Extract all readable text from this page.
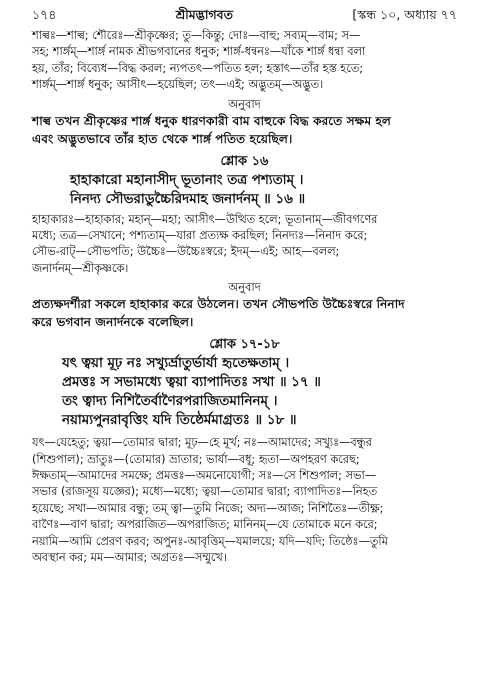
১৭৪	শ্রীমদ্ভাগবত	[স্কন্ধ ১০, অধ্যায় ৭৭
শাল্বঃ—শাল্ব; শৌরেঃ—শ্রীকৃষ্ণের; তু—কিন্তু; দোঃ—বাহু; সব্যম্—বাম; স—
সহ; শার্ঙ্গম্—শার্ঙ্গ নামক শ্রীভগবানের ধনুক; শার্ঙ্গ-ধন্বনঃ—যাঁকে শার্ঙ্গ ধন্বা বলা
হয়, তাঁর; বিব্যেধ—বিদ্ধ করল; ন্যপতৎ—পতিত হল; হস্তাৎ—তাঁর হস্ত হতে;
শার্ঙ্গম্—শার্ঙ্গ ধনুক; আসীৎ—হয়েছিল; তৎ—এই; অদ্ভুতম্—অদ্ভুত।
অনুবাদ
শাল্ব তখন শ্রীকৃষ্ণের শার্ঙ্গ ধনুক ধারণকারী বাম বাহুকে বিদ্ধ করতে সক্ষম হল
এবং অদ্ভুতভাবে তাঁর হাত থেকে শার্ঙ্গ পতিত হয়েছিল।
শ্লোক ১৬
হাহাকারো মহানাসীদ্ ভূতানাং তত্র পশ্যতাম্ ।
নিনদ্য সৌভরাডুচ্চৈরিদমাহ জনার্দনম্ ॥ ১৬ ॥
হাহাকারঃ—হাহাকার; মহান্—মহা; আসীৎ—উত্থিত হলে; ভূতানাম্—জীবগণের
মধ্যে; তত্র—সেখানে; পশ্যতাম্—যারা প্রত্যক্ষ করছিল; নিনদ্যঃ—নিনাদ করে;
সৌভ-রাট্—সৌভপতি; উচ্চৈঃ—উচ্চৈঃস্বরে; ইদম্—এই; আহ—বলল;
জনার্দনম্—শ্রীকৃষ্ণকে।
অনুবাদ
প্রত্যক্ষদর্শীরা সকলে হাহাকার করে উঠলেন। তখন সৌভপতি উচ্চৈঃস্বরে নিনাদ
করে ভগবান জনার্দনকে বলেছিল।
শ্লোক ১৭-১৮
যৎ ত্বয়া মূঢ় নঃ সখ্যুর্ভ্রাতুর্ভার্যা হৃতেক্ষতাম্ ।
প্রমত্তঃ স সভামধ্যে ত্বয়া ব্যাপাদিতঃ সখা ॥ ১৭ ॥
তং ত্বাদ্য নিশিতৈর্বাণৈরপরাজিতমানিনম্ ।
নয়াম্যপুনরাবৃত্তিং যদি তিষ্ঠের্মমাগ্রতঃ ॥ ১৮ ॥
যৎ—যেহেতু; ত্বয়া—তোমার দ্বারা; মূঢ়—হে মূর্খ; নঃ—আমাদের; সখ্যুঃ—বন্ধুর
(শিশুপাল); ভ্রাতুঃ—(তোমার) ভ্রাতার; ভার্যা—বধূ; হৃতা—অপহরণ করেছ;
ঈক্ষতাম্—আমাদের সমক্ষে; প্রমত্তঃ—অমনোযোগী; সঃ—সে শিশুপাল; সভা—
সভার (রাজসূয় যজ্ঞের); মধ্যে—মধ্যে; ত্বয়া—তোমার দ্বারা; ব্যাপাদিতঃ—নিহত
হয়েছে; সখা—আমার বন্ধু; তম্ ত্বা—তুমি নিজে; অদ্য—আজ; নিশিতৈঃ—তীক্ষ্ণ;
বাণৈঃ—বাণ দ্বারা; অপরাজিত—অপরাজিত; মানিনম্—যে তোমাকে মনে করে;
নয়ামি—আমি প্রেরণ করব; অপুনঃ-আবৃত্তিম্—যমালয়ে; যদি—যদি; তিষ্ঠেঃ—তুমি
অবস্থান কর; মম—আমার; অগ্রতঃ—সম্মুখে।
